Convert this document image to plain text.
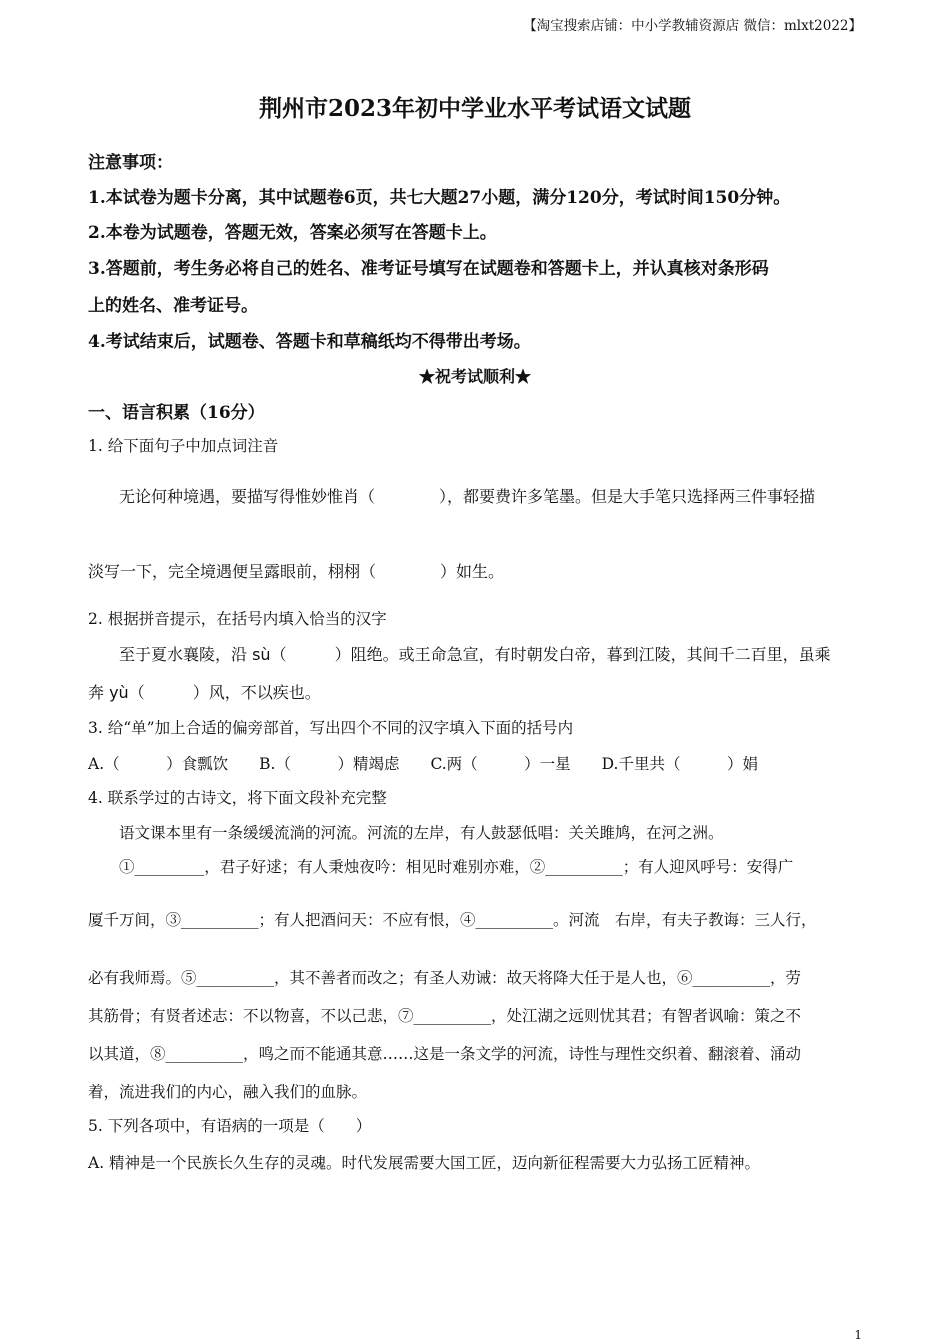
【淘宝搜索店铺：中小学教辅资源店 微信：mlxt2022】
荆州市2023年初中学业水平考试语文试题
注意事项：
1.本试卷为题卡分离，其中试题卷6页，共七大题27小题，满分120分，考试时间150分钟。
2.本卷为试题卷，答题无效，答案必须写在答题卡上。
3.答题前，考生务必将自己的姓名、准考证号填写在试题卷和答题卡上，并认真核对条形码
上的姓名、准考证号。
4.考试结束后，试题卷、答题卡和草稿纸均不得带出考场。
★祝考试顺利★
一、语言积累（16分）
1. 给下面句子中加点词注音
无论何种境遇，要描写得惟妙惟肖（　　　　），都要费许多笔墨。但是大手笔只选择两三件事轻描
淡写一下，完全境遇便呈露眼前，栩栩（　　　　）如生。
2. 根据拼音提示，在括号内填入恰当的汉字
至于夏水襄陵，沿 sù（　　　）阻绝。或王命急宣，有时朝发白帝，暮到江陵，其间千二百里，虽乘
奔 yù（　　　）风，不以疾也。
3. 给“单”加上合适的偏旁部首，写出四个不同的汉字填入下面的括号内
A.（　　　）食瓢饮　　B.（　　　）精竭虑　　C.两（　　　）一星　　D.千里共（　　　）娟
4. 联系学过的古诗文，将下面文段补充完整
语文课本里有一条缓缓流淌的河流。河流的左岸，有人鼓瑟低唱：关关雎鸠，在河之洲。
①_________，君子好逑；有人秉烛夜吟：相见时难别亦难，②__________；有人迎风呼号：安得广
厦千万间，③__________；有人把酒问天：不应有恨，④__________。河流　右岸，有夫子教诲：三人行，
必有我师焉。⑤__________，其不善者而改之；有圣人劝诫：故天将降大任于是人也，⑥__________，劳
其筋骨；有贤者述志：不以物喜，不以己悲，⑦__________，处江湖之远则忧其君；有智者讽喻：策之不
以其道，⑧__________，鸣之而不能通其意……这是一条文学的河流，诗性与理性交织着、翻滚着、涌动
着，流进我们的内心，融入我们的血脉。
5. 下列各项中，有语病的一项是（　　）
A. 精神是一个民族长久生存的灵魂。时代发展需要大国工匠，迈向新征程需要大力弘扬工匠精神。
1
